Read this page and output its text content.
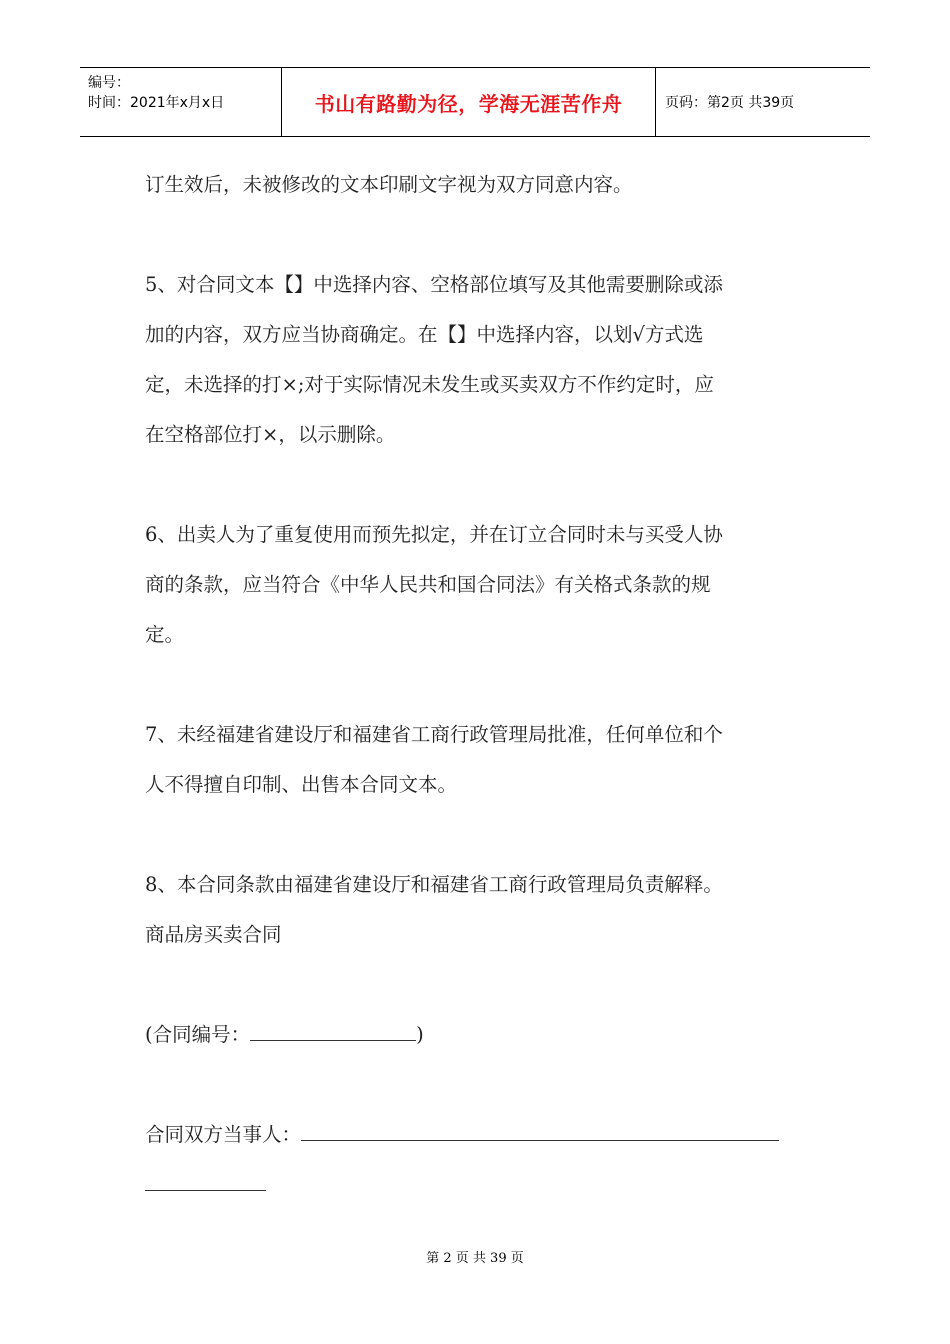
编号：
时间：2021年x月x日	书山有路勤为径，学海无涯苦作舟	页码：第2页 共39页

订生效后，未被修改的文本印刷文字视为双方同意内容。

5、对合同文本【】中选择内容、空格部位填写及其他需要删除或添

加的内容，双方应当协商确定。在【】中选择内容，以划√方式选

定，未选择的打×;对于实际情况未发生或买卖双方不作约定时，应

在空格部位打×，以示删除。

6、出卖人为了重复使用而预先拟定，并在订立合同时未与买受人协

商的条款，应当符合《中华人民共和国合同法》有关格式条款的规

定。

7、未经福建省建设厅和福建省工商行政管理局批准，任何单位和个

人不得擅自印制、出售本合同文本。

8、本合同条款由福建省建设厅和福建省工商行政管理局负责解释。

商品房买卖合同

(合同编号：	)

合同双方当事人：

第 2 页 共 39 页
